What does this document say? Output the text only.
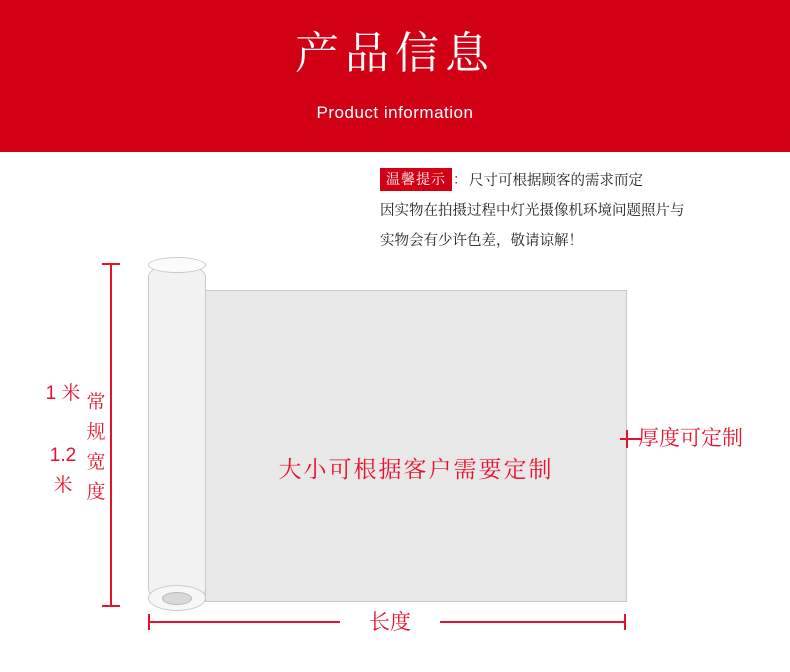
产品信息
Product information
温馨提示 ： 尺寸可根据顾客的需求而定
因实物在拍摄过程中灯光摄像机环境问题照片与
实物会有少许色差，敬请谅解！
大小可根据客户需要定制
1 米
1.2 米
常规宽度
长度
厚度可定制
